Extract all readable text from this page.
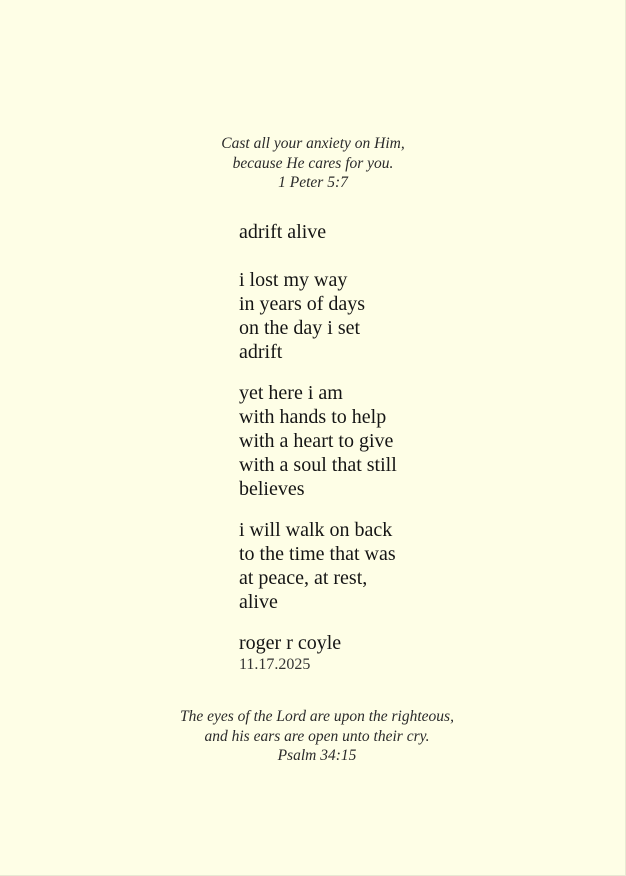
Cast all your anxiety on Him,
because He cares for you.
1 Peter 5:7
adrift alive
i lost my way
in years of days
on the day i set
adrift
yet here i am
with hands to help
with a heart to give
with a soul that still
believes
i will walk on back
to the time that was
at peace, at rest,
alive
roger r coyle
11.17.2025
The eyes of the Lord are upon the righteous,
and his ears are open unto their cry.
Psalm 34:15
